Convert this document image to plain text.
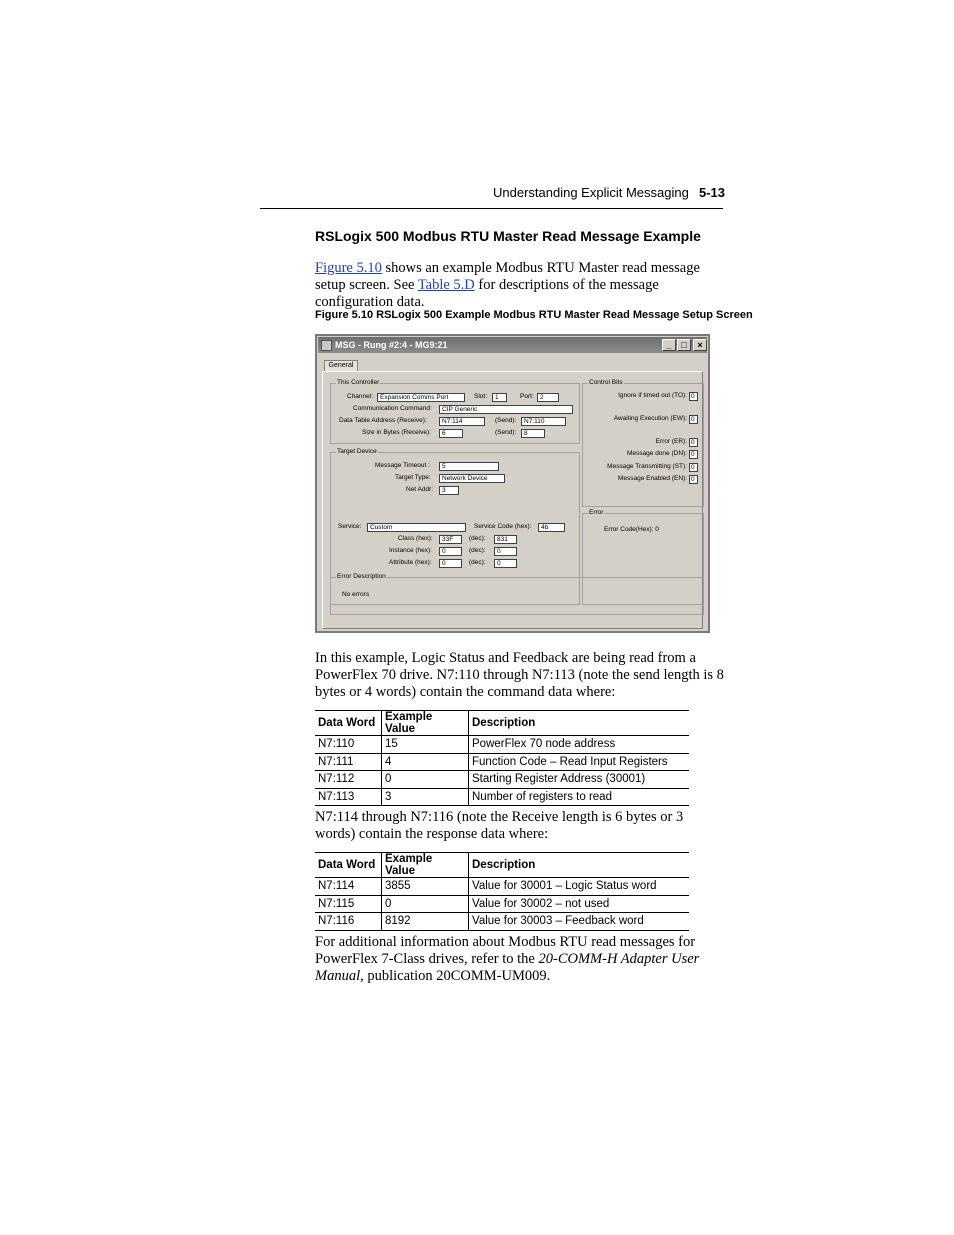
Understanding Explicit Messaging 5-13
RSLogix 500 Modbus RTU Master Read Message Example
Figure 5.10 shows an example Modbus RTU Master read message setup screen. See Table 5.D for descriptions of the message configuration data.
Figure 5.10 RSLogix 500 Example Modbus RTU Master Read Message Setup Screen
MSG - Rung #2:4 - MG9:21	_	□	×
General
This Controller
Channel:	Expansion Comms Port	Slot:	1	Port: 2
Communication Command:	CIP Generic
Data Table Address (Receive):	N7:114	(Send):	N7:110
Size in Bytes (Receive):	6	(Send):	8
Target Device
Message Timeout :	5
Target Type:	Network Device
Net Addr:	3
Service:	Custom	Service Code (hex):	4b
Class (hex):	33F	(dec):	831
Instance (hex):	0	(dec):	0
Attribute (hex):	0	(dec):	0
Control Bits
Ignore if timed out (TO): 0
Awaiting Execution (EW): 0
Error (ER): 0
Message done (DN): 0
Message Transmitting (ST): 0
Message Enabled (EN): 0
Error
Error Code(Hex): 0
Error Description
No errors
In this example, Logic Status and Feedback are being read from a PowerFlex 70 drive. N7:110 through N7:113 (note the send length is 8 bytes or 4 words) contain the command data where:
Data Word	Example Value	Description
N7:110	15	PowerFlex 70 node address
N7:111	4	Function Code – Read Input Registers
N7:112	0	Starting Register Address (30001)
N7:113	3	Number of registers to read
N7:114 through N7:116 (note the Receive length is 6 bytes or 3 words) contain the response data where:
Data Word	Example Value	Description
N7:114	3855	Value for 30001 – Logic Status word
N7:115	0	Value for 30002 – not used
N7:116	8192	Value for 30003 – Feedback word
For additional information about Modbus RTU read messages for PowerFlex 7-Class drives, refer to the 20-COMM-H Adapter User Manual, publication 20COMM-UM009.
